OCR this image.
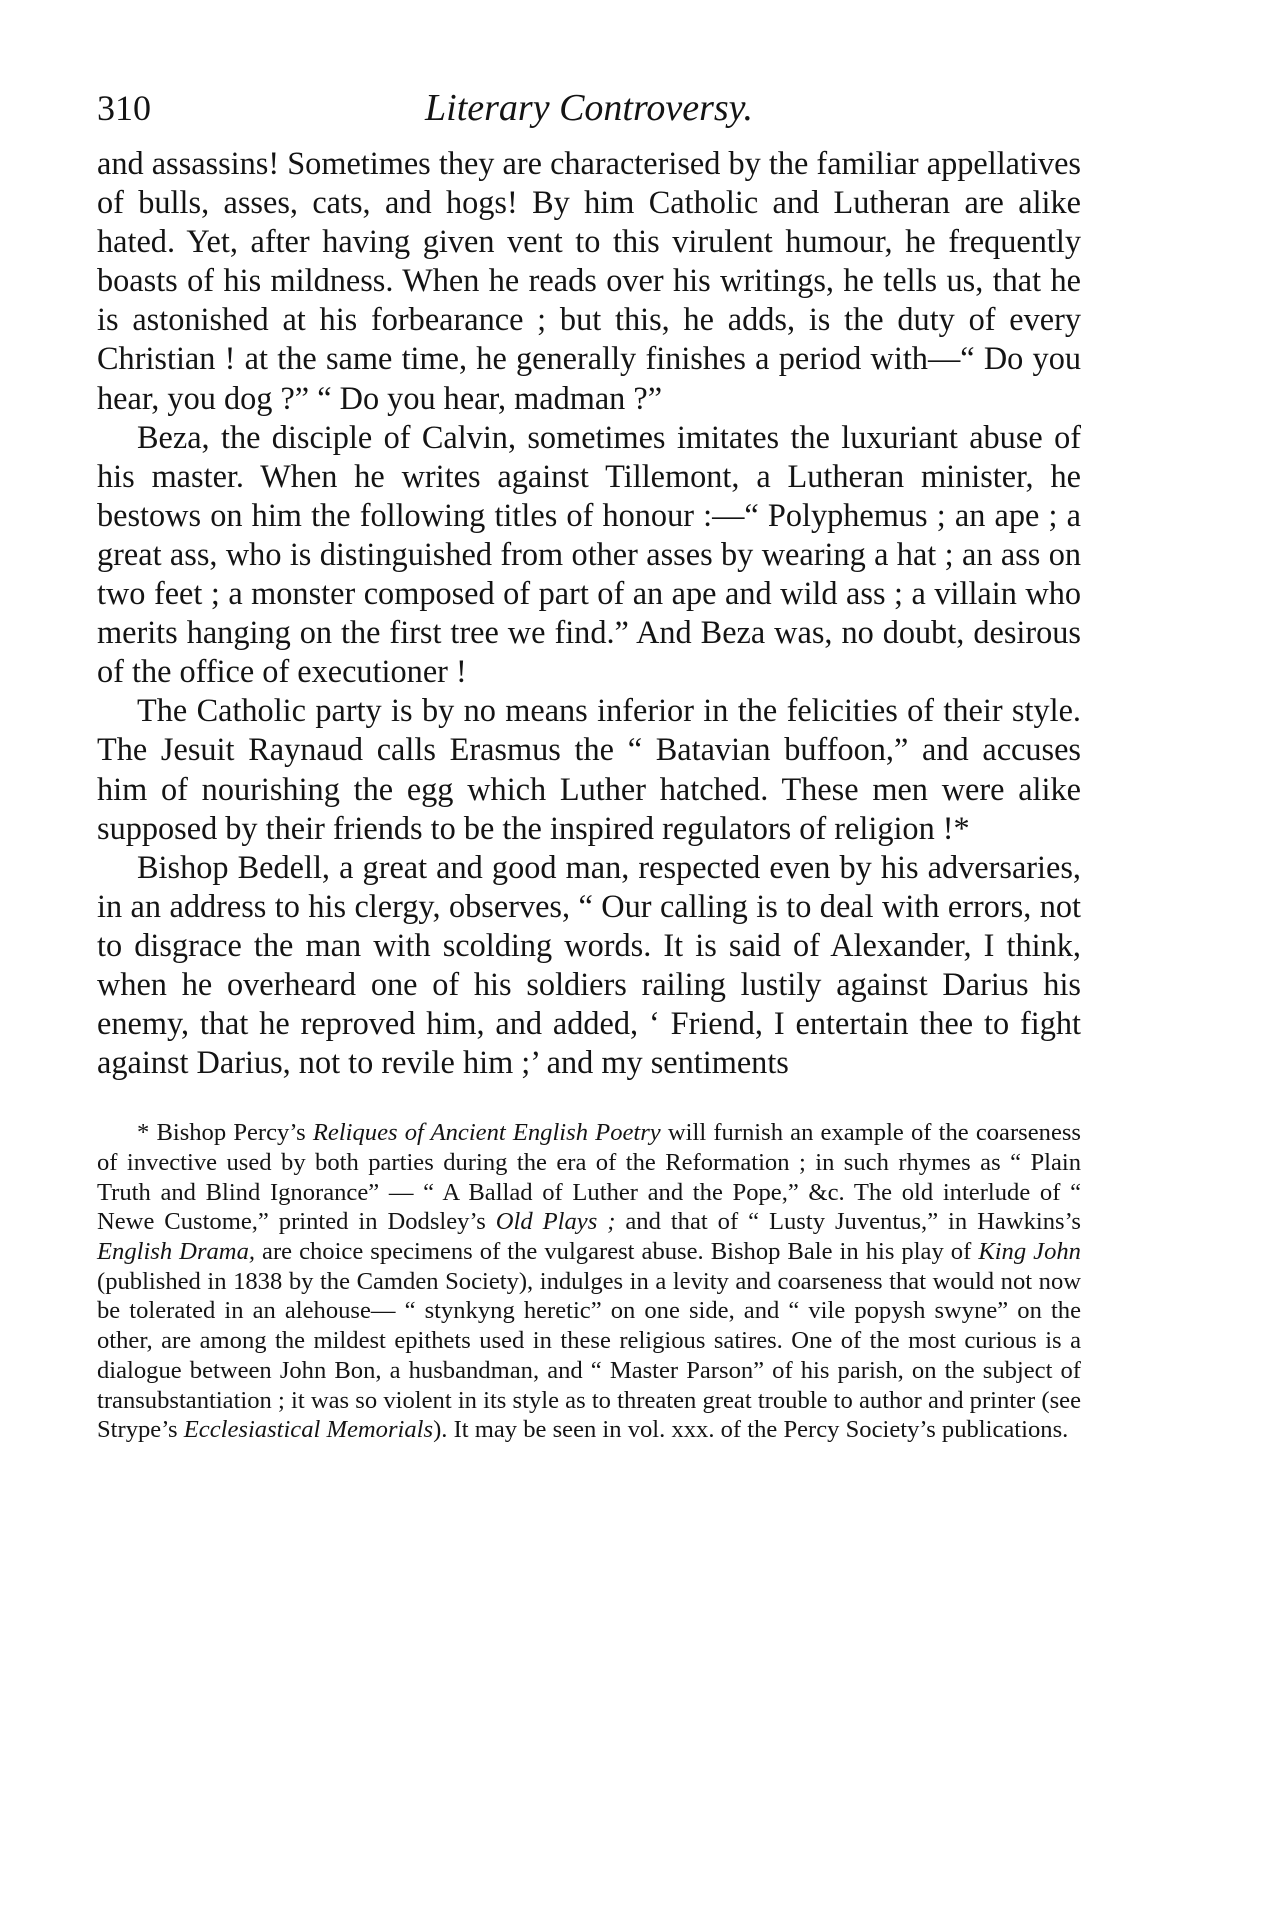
310	Literary Controversy.

and assassins! Sometimes they are characterised by the familiar appellatives of bulls, asses, cats, and hogs! By him Catholic and Lutheran are alike hated. Yet, after having given vent to this virulent humour, he frequently boasts of his mildness. When he reads over his writings, he tells us, that he is astonished at his forbearance ; but this, he adds, is the duty of every Christian ! at the same time, he generally finishes a period with—“ Do you hear, you dog ?” “ Do you hear, madman ?”

Beza, the disciple of Calvin, sometimes imitates the luxuriant abuse of his master. When he writes against Tillemont, a Lutheran minister, he bestows on him the following titles of honour :—“ Polyphemus ; an ape ; a great ass, who is distinguished from other asses by wearing a hat ; an ass on two feet ; a monster composed of part of an ape and wild ass ; a villain who merits hanging on the first tree we find.” And Beza was, no doubt, desirous of the office of executioner !

The Catholic party is by no means inferior in the felicities of their style. The Jesuit Raynaud calls Erasmus the “ Batavian buffoon,” and accuses him of nourishing the egg which Luther hatched. These men were alike supposed by their friends to be the inspired regulators of religion !*

Bishop Bedell, a great and good man, respected even by his adversaries, in an address to his clergy, observes, “ Our calling is to deal with errors, not to disgrace the man with scolding words. It is said of Alexander, I think, when he overheard one of his soldiers railing lustily against Darius his enemy, that he reproved him, and added, ‘ Friend, I entertain thee to fight against Darius, not to revile him ;’ and my sentiments

* Bishop Percy’s Reliques of Ancient English Poetry will furnish an example of the coarseness of invective used by both parties during the era of the Reformation ; in such rhymes as “ Plain Truth and Blind Ignorance” — “ A Ballad of Luther and the Pope,” &c. The old interlude of “ Newe Custome,” printed in Dodsley’s Old Plays ; and that of “ Lusty Juventus,” in Hawkins’s English Drama, are choice specimens of the vulgarest abuse. Bishop Bale in his play of King John (published in 1838 by the Camden Society), indulges in a levity and coarseness that would not now be tolerated in an alehouse— “ stynkyng heretic” on one side, and “ vile popysh swyne” on the other, are among the mildest epithets used in these religious satires. One of the most curious is a dialogue between John Bon, a husbandman, and “ Master Parson” of his parish, on the subject of transubstantiation ; it was so violent in its style as to threaten great trouble to author and printer (see Strype’s Ecclesiastical Memorials). It may be seen in vol. xxx. of the Percy Society’s publications.
